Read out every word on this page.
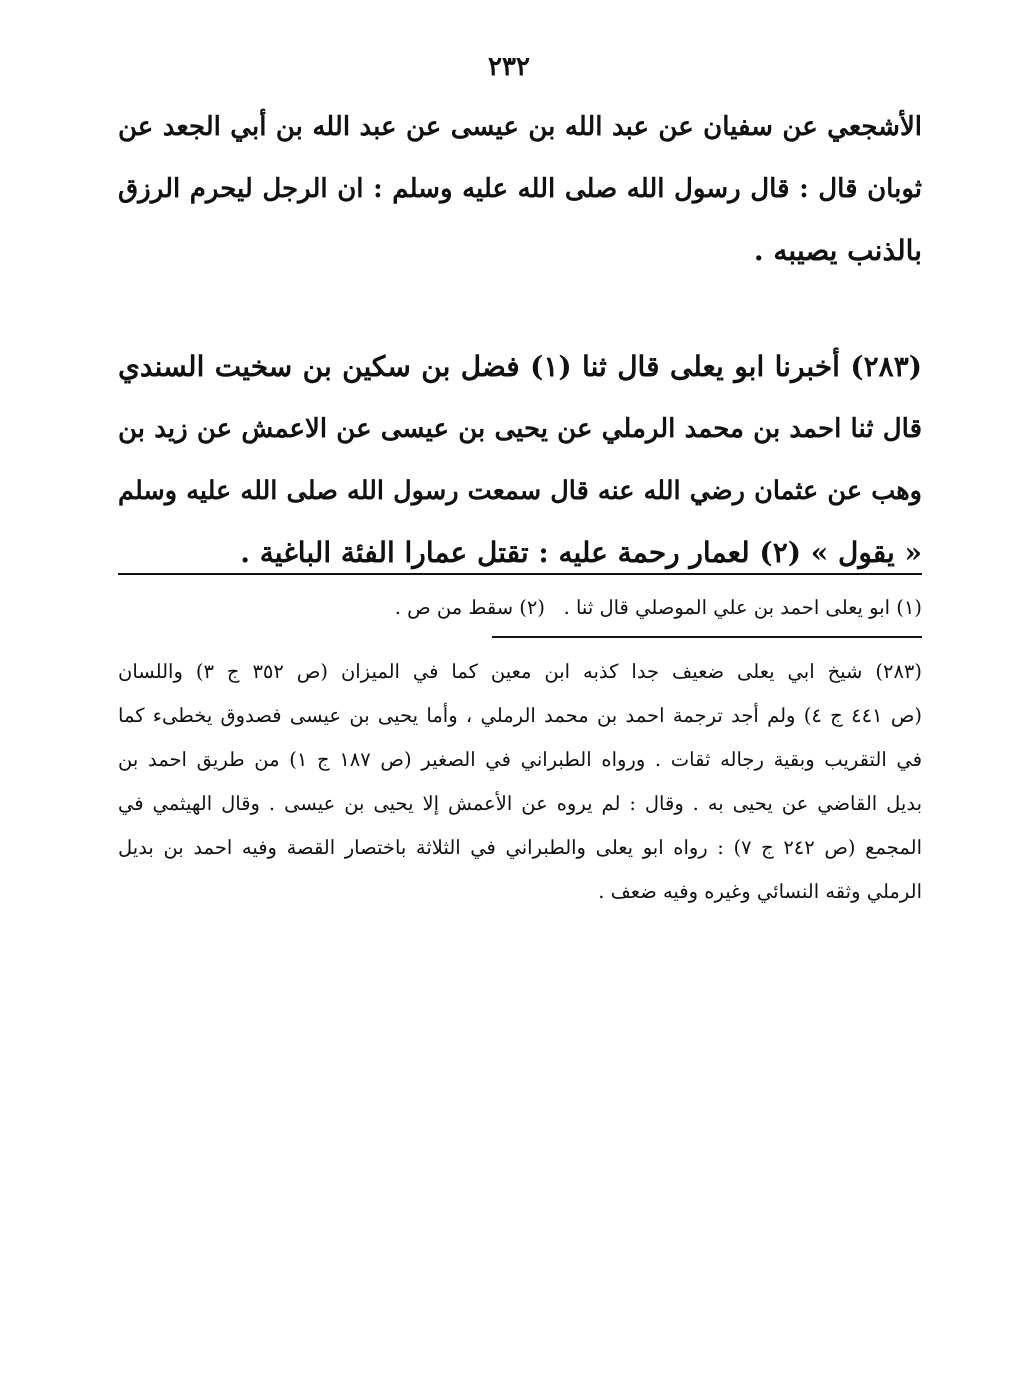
٢٣٢
الأشجعي عن سفيان عن عبد الله بن عيسى عن عبد الله بن أبي الجعد عن
ثوبان قال : قال رسول الله صلى الله عليه وسلم : ان الرجل ليحرم الرزق
بالذنب يصيبه .
(٢٨٣) أخبرنا ابو يعلى قال ثنا (١) فضل بن سكين بن سخيت السندي
قال ثنا احمد بن محمد الرملي عن يحيى بن عيسى عن الاعمش عن زيد بن
وهب عن عثمان رضي الله عنه قال سمعت رسول الله صلى الله عليه وسلم
« يقول » (٢) لعمار رحمة عليه : تقتل عمارا الفئة الباغية .
(١) ابو يعلى احمد بن علي الموصلي قال ثنا .   (٢) سقط من ص .
(٢٨٣) شيخ ابي يعلى ضعيف جدا كذبه ابن معين كما في الميزان (ص ٣٥٢ ج ٣) واللسان
(ص ٤٤١ ج ٤) ولم أجد ترجمة احمد بن محمد الرملي ، وأما يحيى بن عيسى فصدوق يخطىء كما
في التقريب وبقية رجاله ثقات . ورواه الطبراني في الصغير (ص ١٨٧ ج ١) من طريق احمد بن
بديل القاضي عن يحيى به . وقال : لم يروه عن الأعمش إلا يحيى بن عيسى . وقال الهيثمي في
المجمع (ص ٢٤٢ ج ٧) : رواه ابو يعلى والطبراني في الثلاثة باختصار القصة وفيه احمد بن بديل
الرملي وثقه النسائي وغيره وفيه ضعف .
